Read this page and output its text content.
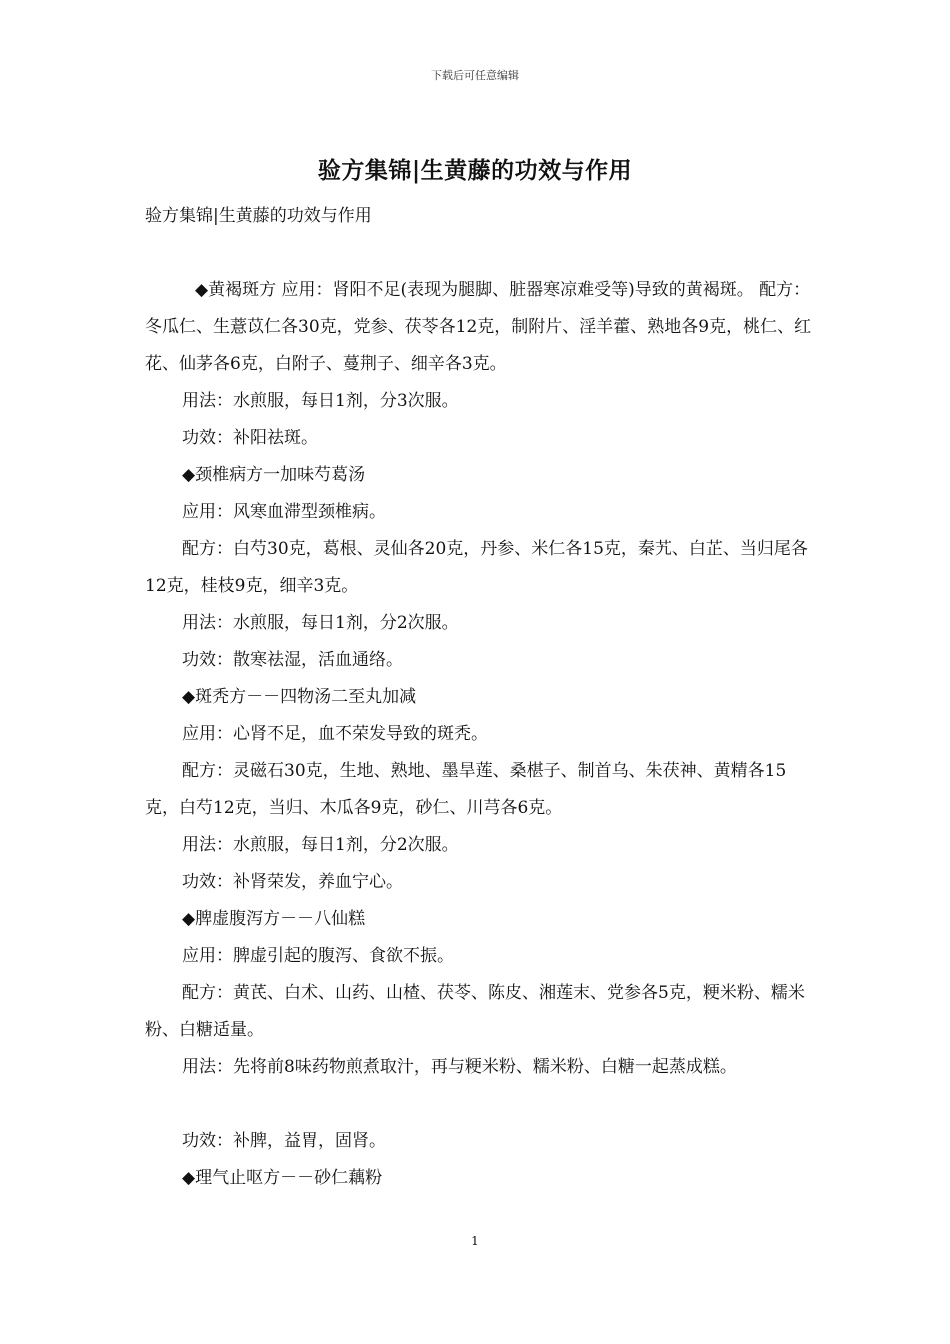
下载后可任意编辑
验方集锦|生黄藤的功效与作用
验方集锦|生黄藤的功效与作用

◆黄褐斑方 应用：肾阳不足(表现为腿脚、脏器寒凉难受等)导致的黄褐斑。 配方：冬瓜仁、生薏苡仁各30克，党参、茯苓各12克，制附片、淫羊藿、熟地各9克，桃仁、红花、仙茅各6克，白附子、蔓荆子、细辛各3克。

用法：水煎服，每日1剂，分3次服。

功效：补阳祛斑。

◆颈椎病方一加味芍葛汤

应用：风寒血滞型颈椎病。

配方：白芍30克，葛根、灵仙各20克，丹参、米仁各15克，秦艽、白芷、当归尾各12克，桂枝9克，细辛3克。

用法：水煎服，每日1剂，分2次服。

功效：散寒祛湿，活血通络。

◆斑秃方－－四物汤二至丸加减

应用：心肾不足，血不荣发导致的斑秃。

配方：灵磁石30克，生地、熟地、墨旱莲、桑椹子、制首乌、朱茯神、黄精各15克，白芍12克，当归、木瓜各9克，砂仁、川芎各6克。

用法：水煎服，每日1剂，分2次服。

功效：补肾荣发，养血宁心。

◆脾虚腹泻方－－八仙糕

应用：脾虚引起的腹泻、食欲不振。

配方：黄芪、白术、山药、山楂、茯苓、陈皮、湘莲末、党参各5克，粳米粉、糯米粉、白糖适量。

用法：先将前8味药物煎煮取汁，再与粳米粉、糯米粉、白糖一起蒸成糕。

功效：补脾，益胃，固肾。

◆理气止呕方－－砂仁藕粉

1
